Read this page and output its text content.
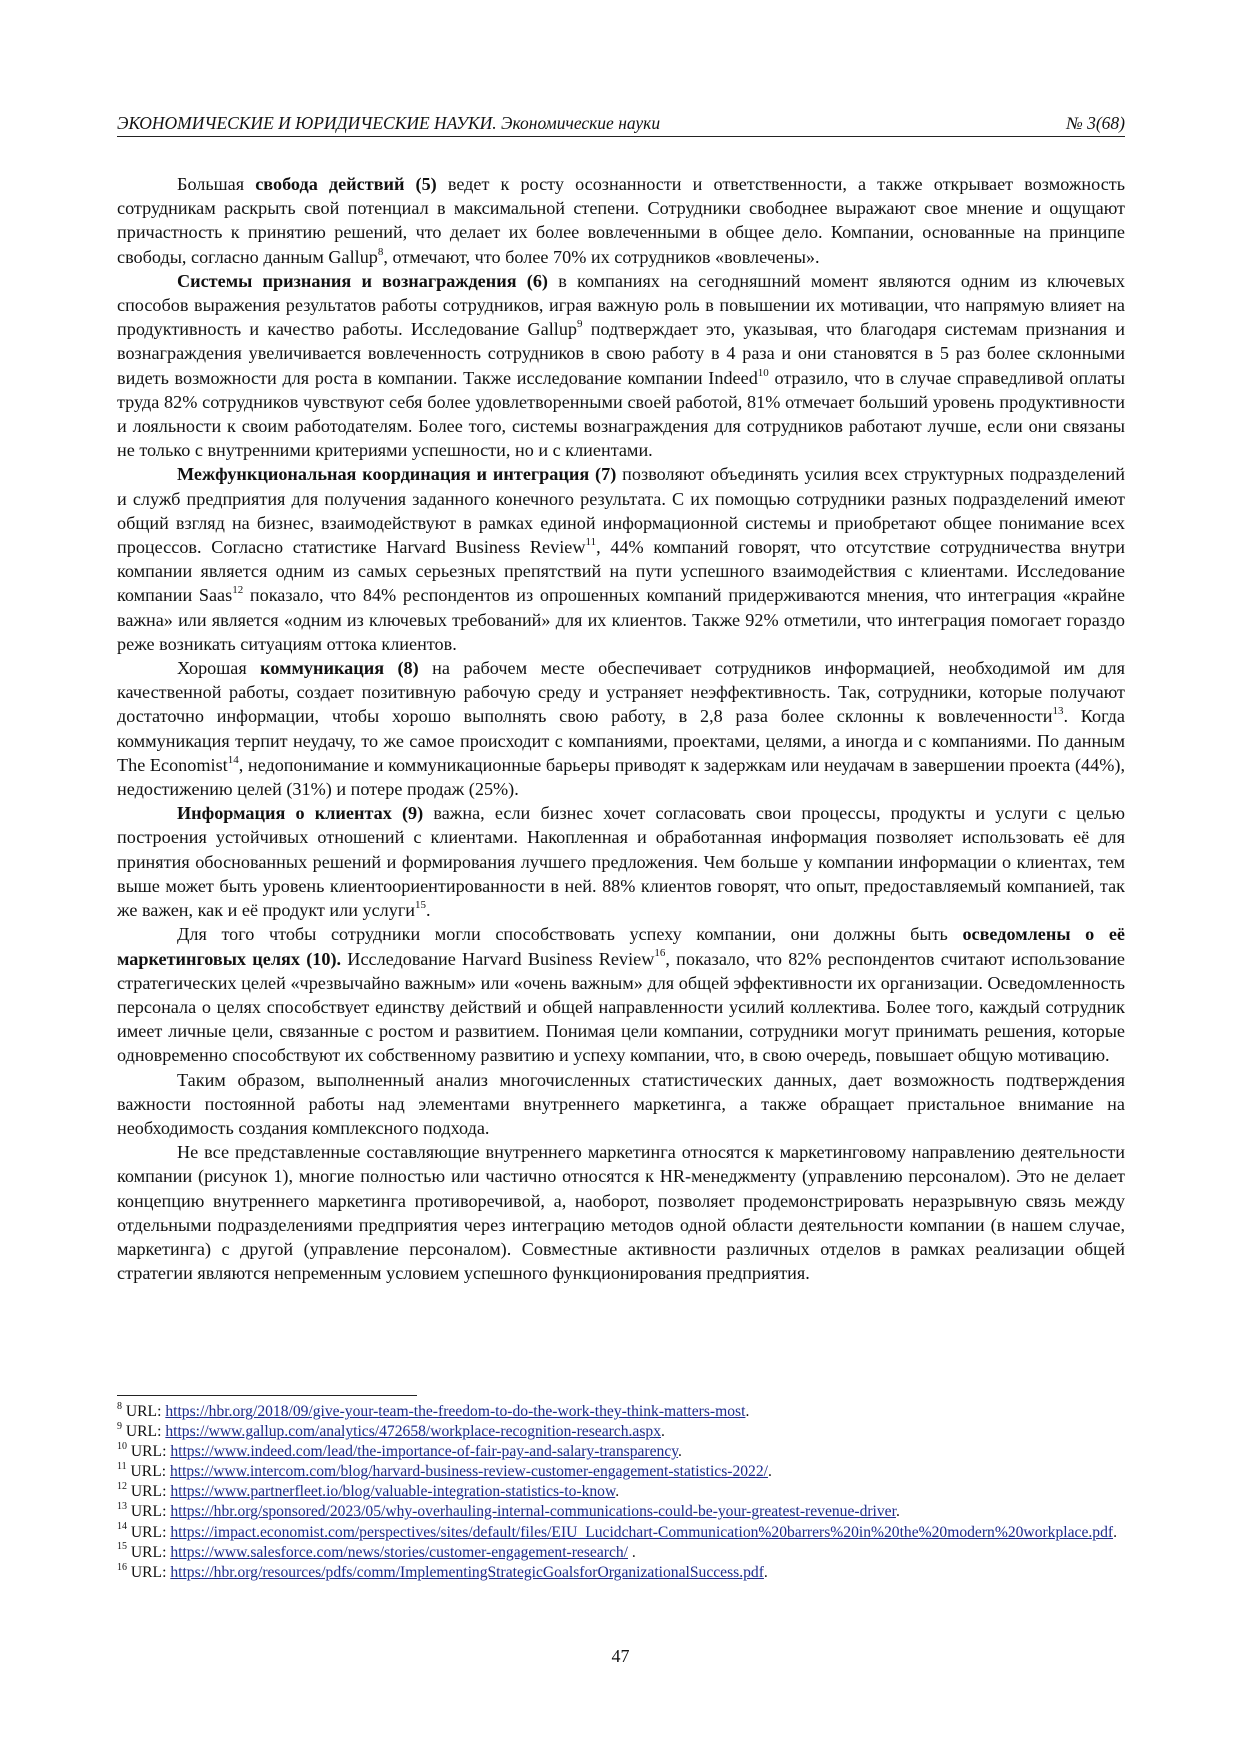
ЭКОНОМИЧЕСКИЕ И ЮРИДИЧЕСКИЕ НАУКИ. Экономические науки	№ 3(68)

Большая свобода действий (5) ведет к росту осознанности и ответственности, а также открывает возможность сотрудникам раскрыть свой потенциал в максимальной степени. Сотрудники свободнее выражают свое мнение и ощущают причастность к принятию решений, что делает их более вовлеченными в общее дело. Компании, основанные на принципе свободы, согласно данным Gallup$^8$, отмечают, что более 70% их сотрудников «вовлечены».

Системы признания и вознаграждения (6) в компаниях на сегодняшний момент являются одним из ключевых способов выражения результатов работы сотрудников, играя важную роль в повышении их мотивации, что напрямую влияет на продуктивность и качество работы. Исследование Gallup$^9$ подтверждает это, указывая, что благодаря системам признания и вознаграждения увеличивается вовлеченность сотрудников в свою работу в 4 раза и они становятся в 5 раз более склонными видеть возможности для роста в компании. Также исследование компании Indeed$^{10}$ отразило, что в случае справедливой оплаты труда 82% сотрудников чувствуют себя более удовлетворенными своей работой, 81% отмечает больший уровень продуктивности и лояльности к своим работодателям. Более того, системы вознаграждения для сотрудников работают лучше, если они связаны не только с внутренними критериями успешности, но и с клиентами.

Межфункциональная координация и интеграция (7) позволяют объединять усилия всех структурных подразделений и служб предприятия для получения заданного конечного результата. С их помощью сотрудники разных подразделений имеют общий взгляд на бизнес, взаимодействуют в рамках единой информационной системы и приобретают общее понимание всех процессов. Согласно статистике Harvard Business Review$^{11}$, 44% компаний говорят, что отсутствие сотрудничества внутри компании является одним из самых серьезных препятствий на пути успешного взаимодействия с клиентами. Исследование компании Saas$^{12}$ показало, что 84% респондентов из опрошенных компаний придерживаются мнения, что интеграция «крайне важна» или является «одним из ключевых требований» для их клиентов. Также 92% отметили, что интеграция помогает гораздо реже возникать ситуациям оттока клиентов.

Хорошая коммуникация (8) на рабочем месте обеспечивает сотрудников информацией, необходимой им для качественной работы, создает позитивную рабочую среду и устраняет неэффективность. Так, сотрудники, которые получают достаточно информации, чтобы хорошо выполнять свою работу, в 2,8 раза более склонны к вовлеченности$^{13}$. Когда коммуникация терпит неудачу, то же самое происходит с компаниями, проектами, целями, а иногда и с компаниями. По данным The Economist$^{14}$, недопонимание и коммуникационные барьеры приводят к задержкам или неудачам в завершении проекта (44%), недостижению целей (31%) и потере продаж (25%).

Информация о клиентах (9) важна, если бизнес хочет согласовать свои процессы, продукты и услуги с целью построения устойчивых отношений с клиентами. Накопленная и обработанная информация позволяет использовать её для принятия обоснованных решений и формирования лучшего предложения. Чем больше у компании информации о клиентах, тем выше может быть уровень клиентоориентированности в ней. 88% клиентов говорят, что опыт, предоставляемый компанией, так же важен, как и её продукт или услуги$^{15}$.

Для того чтобы сотрудники могли способствовать успеху компании, они должны быть осведомлены о её маркетинговых целях (10). Исследование Harvard Business Review$^{16}$, показало, что 82% респондентов считают использование стратегических целей «чрезвычайно важным» или «очень важным» для общей эффективности их организации. Осведомленность персонала о целях способствует единству действий и общей направленности усилий коллектива. Более того, каждый сотрудник имеет личные цели, связанные с ростом и развитием. Понимая цели компании, сотрудники могут принимать решения, которые одновременно способствуют их собственному развитию и успеху компании, что, в свою очередь, повышает общую мотивацию.

Таким образом, выполненный анализ многочисленных статистических данных, дает возможность подтверждения важности постоянной работы над элементами внутреннего маркетинга, а также обращает пристальное внимание на необходимость создания комплексного подхода.

Не все представленные составляющие внутреннего маркетинга относятся к маркетинговому направлению деятельности компании (рисунок 1), многие полностью или частично относятся к HR-менеджменту (управлению персоналом). Это не делает концепцию внутреннего маркетинга противоречивой, а, наоборот, позволяет продемонстрировать неразрывную связь между отдельными подразделениями предприятия через интеграцию методов одной области деятельности компании (в нашем случае, маркетинга) с другой (управление персоналом). Совместные активности различных отделов в рамках реализации общей стратегии являются непременным условием успешного функционирования предприятия.

$^8$ URL: https://hbr.org/2018/09/give-your-team-the-freedom-to-do-the-work-they-think-matters-most.

$^9$ URL: https://www.gallup.com/analytics/472658/workplace-recognition-research.aspx.

$^{10}$ URL: https://www.indeed.com/lead/the-importance-of-fair-pay-and-salary-transparency.

$^{11}$ URL: https://www.intercom.com/blog/harvard-business-review-customer-engagement-statistics-2022/.

$^{12}$ URL: https://www.partnerfleet.io/blog/valuable-integration-statistics-to-know.

$^{13}$ URL: https://hbr.org/sponsored/2023/05/why-overhauling-internal-communications-could-be-your-greatest-revenue-driver.

$^{14}$ URL: https://impact.economist.com/perspectives/sites/default/files/EIU_Lucidchart-Communication%20barrers%20in%20the%20modern%20workplace.pdf.

$^{15}$ URL: https://www.salesforce.com/news/stories/customer-engagement-research/ .

$^{16}$ URL: https://hbr.org/resources/pdfs/comm/ImplementingStrategicGoalsforOrganizationalSuccess.pdf.

47
